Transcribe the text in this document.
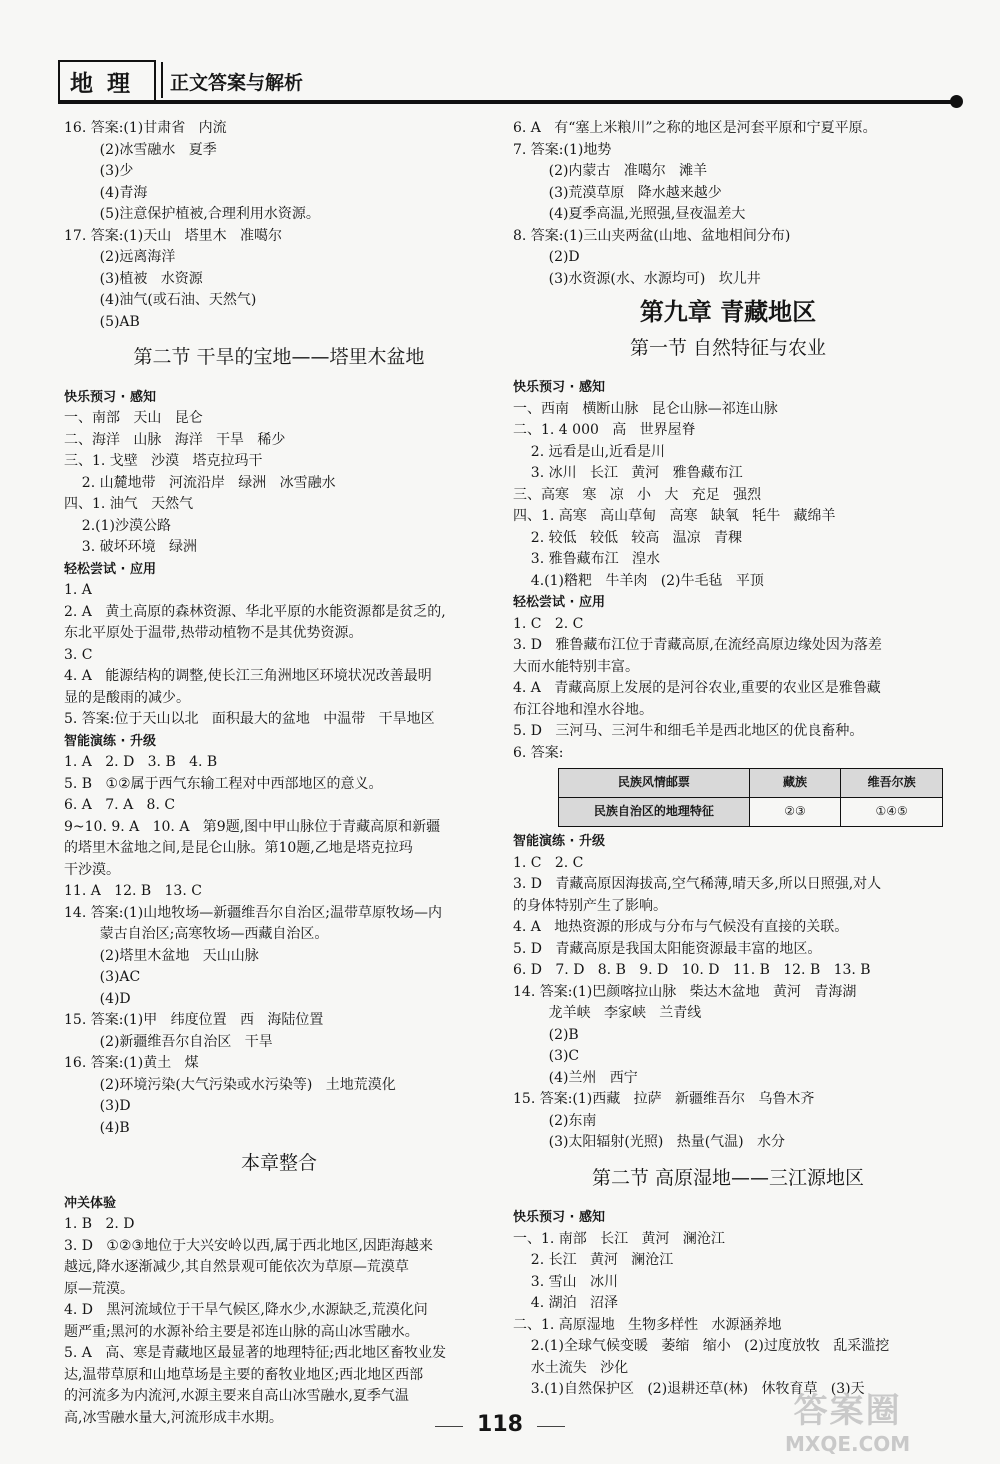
地理 正文答案与解析
16. 答案:(1)甘肃省   内流
(2)冰雪融水   夏季
(3)少
(4)青海
(5)注意保护植被,合理利用水资源。
17. 答案:(1)天山   塔里木   准噶尔
(2)远离海洋
(3)植被   水资源
(4)油气(或石油、天然气)
(5)AB
第二节 干旱的宝地——塔里木盆地
快乐预习 · 感知
一、南部   天山   昆仑
二、海洋   山脉   海洋   干旱   稀少
三、1. 戈壁   沙漠   塔克拉玛干
2. 山麓地带   河流沿岸   绿洲   冰雪融水
四、1. 油气   天然气
2.(1)沙漠公路
3. 破坏环境   绿洲
轻松尝试 · 应用
1. A
2. A   黄土高原的森林资源、华北平原的水能资源都是贫乏的,
东北平原处于温带,热带动植物不是其优势资源。
3. C
4. A   能源结构的调整,使长江三角洲地区环境状况改善最明
显的是酸雨的减少。
5. 答案:位于天山以北   面积最大的盆地   中温带   干旱地区
智能演练 · 升级
1. A   2. D   3. B   4. B
5. B   ①②属于西气东输工程对中西部地区的意义。
6. A   7. A   8. C
9~10. 9. A   10. A   第9题,图中甲山脉位于青藏高原和新疆
的塔里木盆地之间,是昆仑山脉。第10题,乙地是塔克拉玛
干沙漠。
11. A   12. B   13. C
14. 答案:(1)山地牧场—新疆维吾尔自治区;温带草原牧场—内
蒙古自治区;高寒牧场—西藏自治区。
(2)塔里木盆地   天山山脉
(3)AC
(4)D
15. 答案:(1)甲   纬度位置   西   海陆位置
(2)新疆维吾尔自治区   干旱
16. 答案:(1)黄土   煤
(2)环境污染(大气污染或水污染等)   土地荒漠化
(3)D
(4)B
本章整合
冲关体验
1. B   2. D
3. D   ①②③地位于大兴安岭以西,属于西北地区,因距海越来
越远,降水逐渐减少,其自然景观可能依次为草原—荒漠草
原—荒漠。
4. D   黑河流域位于干旱气候区,降水少,水源缺乏,荒漠化问
题严重;黑河的水源补给主要是祁连山脉的高山冰雪融水。
5. A   高、寒是青藏地区最显著的地理特征;西北地区畜牧业发
达,温带草原和山地草场是主要的畜牧业地区;西北地区西部
的河流多为内流河,水源主要来自高山冰雪融水,夏季气温
高,冰雪融水量大,河流形成丰水期。
6. A   有“塞上米粮川”之称的地区是河套平原和宁夏平原。
7. 答案:(1)地势
(2)内蒙古   准噶尔   滩羊
(3)荒漠草原   降水越来越少
(4)夏季高温,光照强,昼夜温差大
8. 答案:(1)三山夹两盆(山地、盆地相间分布)
(2)D
(3)水资源(水、水源均可)   坎儿井
第九章 青藏地区
第一节 自然特征与农业
快乐预习 · 感知
一、西南   横断山脉   昆仑山脉—祁连山脉
二、1. 4 000   高   世界屋脊
2. 远看是山,近看是川
3. 冰川   长江   黄河   雅鲁藏布江
三、高寒   寒   凉   小   大   充足   强烈
四、1. 高寒   高山草甸   高寒   缺氧   牦牛   藏绵羊
2. 较低   较低   较高   温凉   青稞
3. 雅鲁藏布江   湟水
4.(1)糌粑   牛羊肉   (2)牛毛毡   平顶
轻松尝试 · 应用
1. C   2. C
3. D   雅鲁藏布江位于青藏高原,在流经高原边缘处因为落差
大而水能特别丰富。
4. A   青藏高原上发展的是河谷农业,重要的农业区是雅鲁藏
布江谷地和湟水谷地。
5. D   三河马、三河牛和细毛羊是西北地区的优良畜种。
6. 答案:
民族风情邮票	藏族	维吾尔族
民族自治区的地理特征	②③	①④⑤
智能演练 · 升级
1. C   2. C
3. D   青藏高原因海拔高,空气稀薄,晴天多,所以日照强,对人
的身体特别产生了影响。
4. A   地热资源的形成与分布与气候没有直接的关联。
5. D   青藏高原是我国太阳能资源最丰富的地区。
6. D   7. D   8. B   9. D   10. D   11. B   12. B   13. B
14. 答案:(1)巴颜喀拉山脉   柴达木盆地   黄河   青海湖
龙羊峡   李家峡   兰青线
(2)B
(3)C
(4)兰州   西宁
15. 答案:(1)西藏   拉萨   新疆维吾尔   乌鲁木齐
(2)东南
(3)太阳辐射(光照)   热量(气温)   水分
第二节 高原湿地——三江源地区
快乐预习 · 感知
一、1. 南部   长江   黄河   澜沧江
2. 长江   黄河   澜沧江
3. 雪山   冰川
4. 湖泊   沼泽
二、1. 高原湿地   生物多样性   水源涵养地
2.(1)全球气候变暖   萎缩   缩小   (2)过度放牧   乱采滥挖
水土流失   沙化
3.(1)自然保护区   (2)退耕还草(林)   休牧育草   (3)天
118	答案圈
MXQE.COM
